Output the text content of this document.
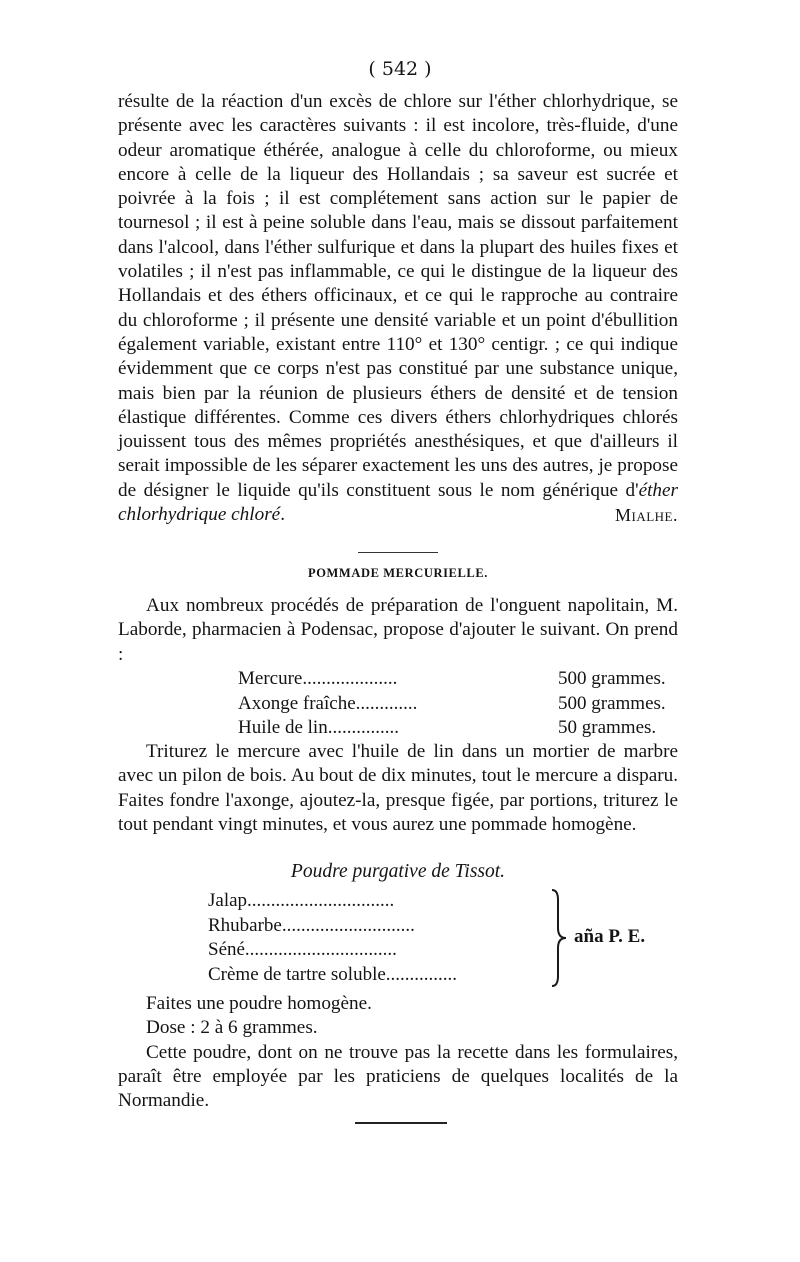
( 542 )

résulte de la réaction d'un excès de chlore sur l'éther chlorhydrique, se présente avec les caractères suivants : il est incolore, très-fluide, d'une odeur aromatique éthérée, analogue à celle du chloroforme, ou mieux encore à celle de la liqueur des Hollandais ; sa saveur est sucrée et poivrée à la fois ; il est complétement sans action sur le papier de tournesol ; il est à peine soluble dans l'eau, mais se dissout parfaitement dans l'alcool, dans l'éther sulfurique et dans la plupart des huiles fixes et volatiles ; il n'est pas inflammable, ce qui le distingue de la liqueur des Hollandais et des éthers officinaux, et ce qui le rapproche au contraire du chloroforme ; il présente une densité variable et un point d'ébullition également variable, existant entre 110° et 130° centigr. ; ce qui indique évidemment que ce corps n'est pas constitué par une substance unique, mais bien par la réunion de plusieurs éthers de densité et de tension élastique différentes. Comme ces divers éthers chlorhydriques chlorés jouissent tous des mêmes propriétés anesthésiques, et que d'ailleurs il serait impossible de les séparer exactement les uns des autres, je propose de désigner le liquide qu'ils constituent sous le nom générique d'éther chlorhydrique chloré.	Mialhe.

POMMADE MERCURIELLE.

Aux nombreux procédés de préparation de l'onguent napolitain, M. Laborde, pharmacien à Podensac, propose d'ajouter le suivant. On prend :

Mercure....................	500 grammes.
Axonge fraîche.............	500 grammes.
Huile de lin...............	50 grammes.

Triturez le mercure avec l'huile de lin dans un mortier de marbre avec un pilon de bois. Au bout de dix minutes, tout le mercure a disparu. Faites fondre l'axonge, ajoutez-la, presque figée, par portions, triturez le tout pendant vingt minutes, et vous aurez une pommade homogène.

Poudre purgative de Tissot.
Jalap...............................
Rhubarbe............................
Séné................................
Crème de tartre soluble...............
aña P. E.

Faites une poudre homogène.

Dose : 2 à 6 grammes.

Cette poudre, dont on ne trouve pas la recette dans les formulaires, paraît être employée par les praticiens de quelques localités de la Normandie.
